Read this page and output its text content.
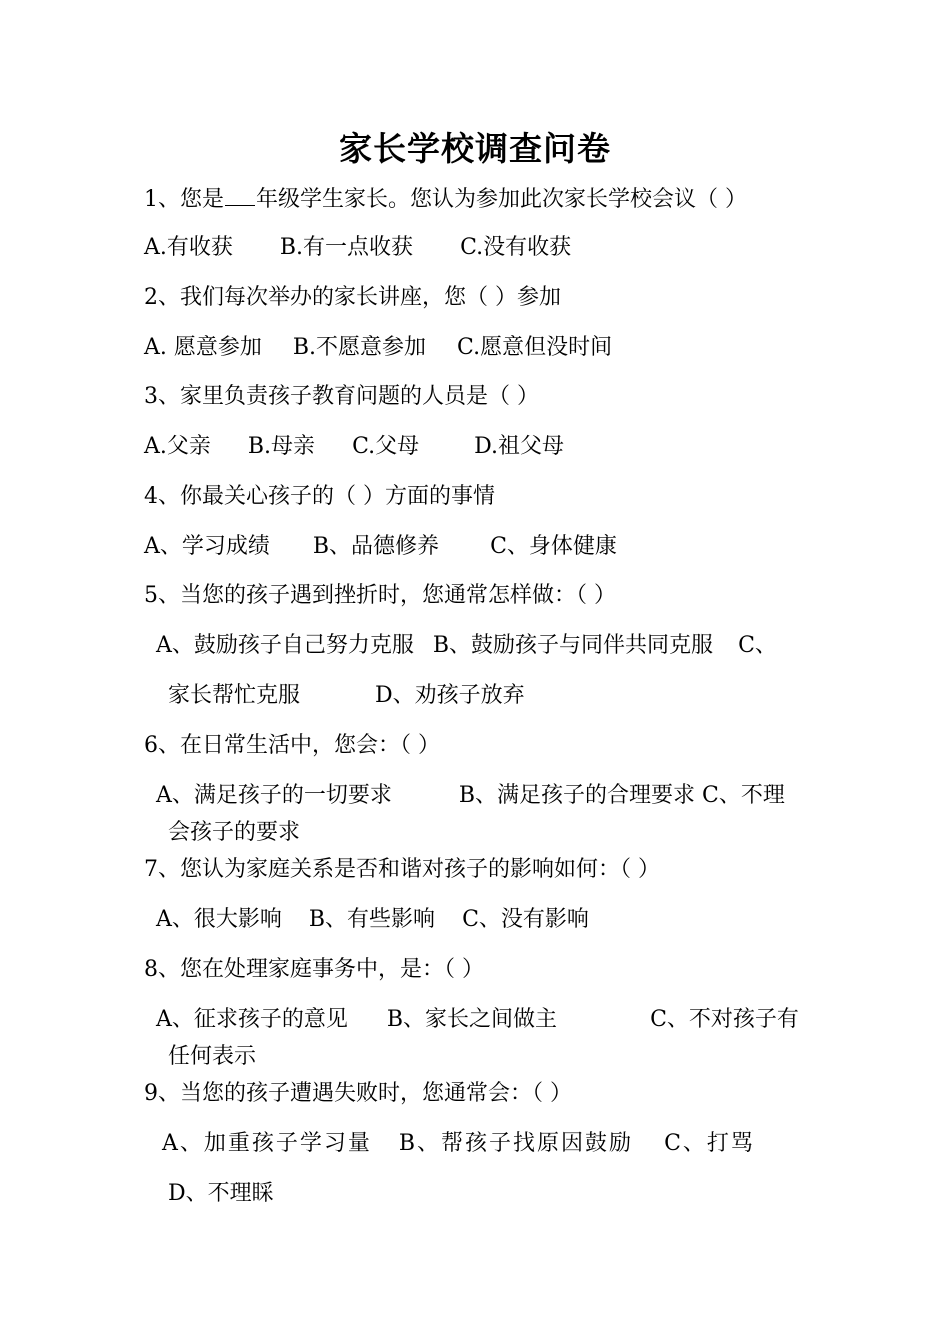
家长学校调查问卷
1、您是 年级学生家长。您认为参加此次家长学校会议（ ）
A.有收获 B.有一点收获 C.没有收获
2、我们每次举办的家长讲座，您（ ）参加
A. 愿意参加 B.不愿意参加 C.愿意但没时间
3、家里负责孩子教育问题的人员是（ ）
A.父亲 B.母亲 C.父母	D.祖父母
4、你最关心孩子的（ ）方面的事情
A、学习成绩 B、品德修养 C、身体健康
5、当您的孩子遇到挫折时，您通常怎样做：（ ）
A、鼓励孩子自己努力克服 B、鼓励孩子与同伴共同克服 C、
家长帮忙克服	D、劝孩子放弃
6、在日常生活中，您会：（ ）
A、满足孩子的一切要求	B、满足孩子的合理要求 C、不理
会孩子的要求
7、您认为家庭关系是否和谐对孩子的影响如何：（ ）
A、很大影响 B、有些影响 C、没有影响
8、您在处理家庭事务中，是：（ ）
A、征求孩子的意见 B、家长之间做主	C、不对孩子有
任何表示
9、当您的孩子遭遇失败时，您通常会：（ ）
A、加重孩子学习量 B、帮孩子找原因鼓励 C、打骂
D、不理睬
